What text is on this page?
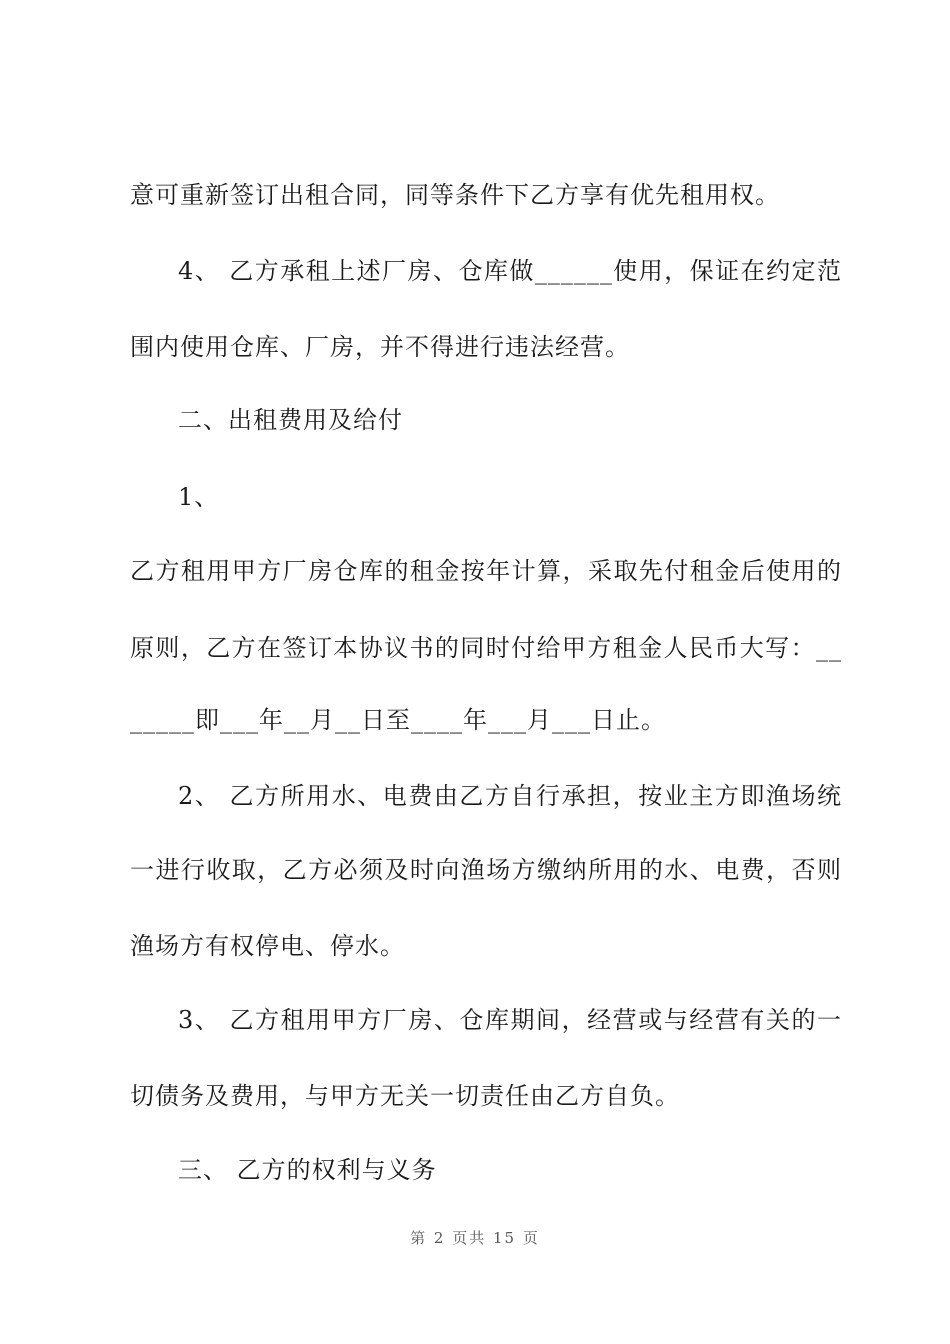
意可重新签订出租合同，同等条件下乙方享有优先租用权。
4、 乙方承租上述厂房、仓库做______使用，保证在约定范
围内使用仓库、厂房，并不得进行违法经营。
二、出租费用及给付
1、
乙方租用甲方厂房仓库的租金按年计算，采取先付租金后使用的
原则，乙方在签订本协议书的同时付给甲方租金人民币大写：__
_____即___年__月__日至____年___月___日止。
2、 乙方所用水、电费由乙方自行承担，按业主方即渔场统
一进行收取，乙方必须及时向渔场方缴纳所用的水、电费，否则
渔场方有权停电、停水。
3、 乙方租用甲方厂房、仓库期间，经营或与经营有关的一
切债务及费用，与甲方无关一切责任由乙方自负。
三、 乙方的权利与义务
第 2 页共 15 页
